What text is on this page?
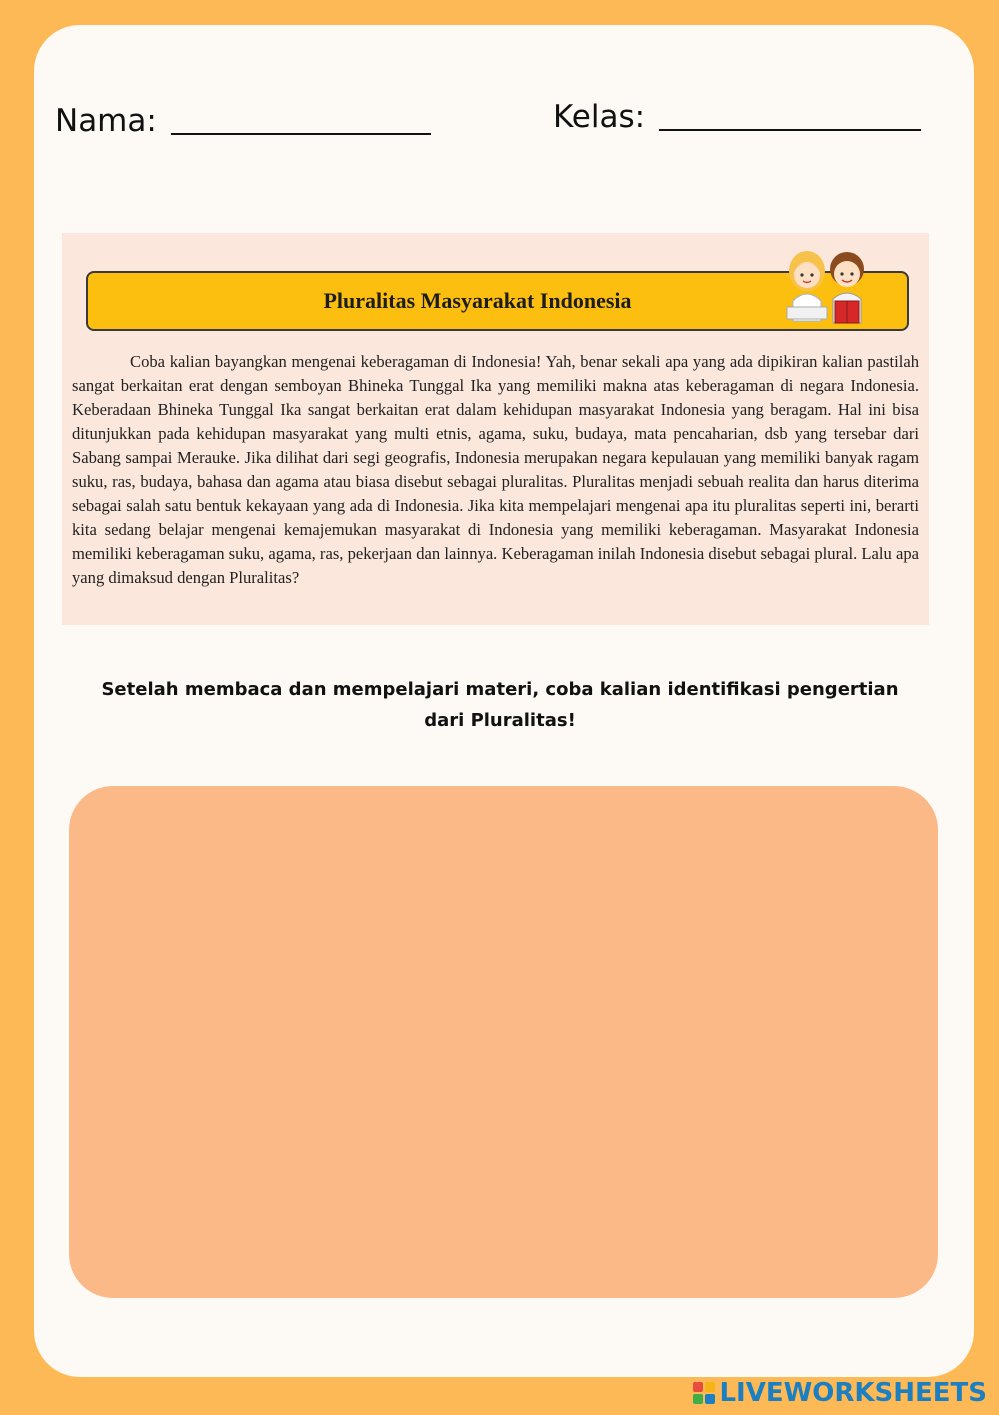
Nama:	Kelas:
Pluralitas Masyarakat Indonesia

Coba kalian bayangkan mengenai keberagaman di Indonesia! Yah, benar sekali apa yang ada dipikiran kalian pastilah sangat berkaitan erat dengan semboyan Bhineka Tunggal Ika yang memiliki makna atas keberagaman di negara Indonesia. Keberadaan Bhineka Tunggal Ika sangat berkaitan erat dalam kehidupan masyarakat Indonesia yang beragam. Hal ini bisa ditunjukkan pada kehidupan masyarakat yang multi etnis, agama, suku, budaya, mata pencaharian, dsb yang tersebar dari Sabang sampai Merauke. Jika dilihat dari segi geografis, Indonesia merupakan negara kepulauan yang memiliki banyak ragam suku, ras, budaya, bahasa dan agama atau biasa disebut sebagai pluralitas. Pluralitas menjadi sebuah realita dan harus diterima sebagai salah satu bentuk kekayaan yang ada di Indonesia. Jika kita mempelajari mengenai apa itu pluralitas seperti ini, berarti kita sedang belajar mengenai kemajemukan masyarakat di Indonesia yang memiliki keberagaman. Masyarakat Indonesia memiliki keberagaman suku, agama, ras, pekerjaan dan lainnya. Keberagaman inilah Indonesia disebut sebagai plural. Lalu apa yang dimaksud dengan Pluralitas?

Setelah membaca dan mempelajari materi, coba kalian identifikasi pengertian
dari Pluralitas!
LIVEWORKSHEETS
